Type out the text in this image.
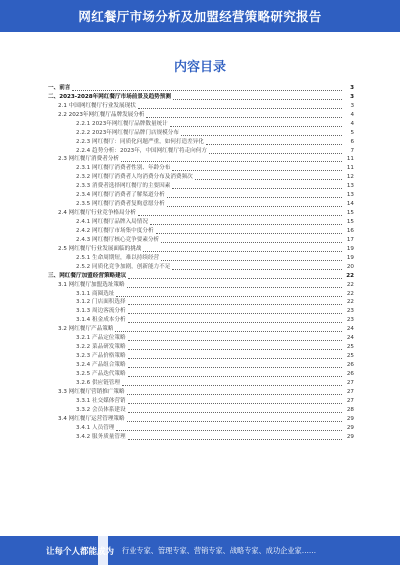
网红餐厅市场分析及加盟经营策略研究报告
内容目录
一、前言	3
二、2023-2028年网红餐厅市场前景及趋势预测	3
2.1 中国网红餐厅行业发展现状	3
2.2 2023年网红餐厅品牌发展分析	4
2.2.1 2023年网红餐厅品牌数量统计	4
2.2.2 2023年网红餐厅品牌门店规模分布	5
2.2.3 网红餐厅：同质化问题严重，如何打造差异化	6
2.2.4 趋势分析：2023年，中国网红餐厅将走向何方	7
2.3 网红餐厅消费者分析	11
2.3.1 网红餐厅消费者性别、年龄分布	11
2.3.2 网红餐厅消费者人均消费分布及消费频次	12
2.3.3 消费者选择网红餐厅的主要因素	13
2.3.4 网红餐厅消费者了解渠道分析	13
2.3.5 网红餐厅消费者复购意愿分析	14
2.4 网红餐厅行业竞争格局分析	15
2.4.1 网红餐厅品牌入局情况	15
2.4.2 网红餐厅市场集中度分析	16
2.4.3 网红餐厅核心竞争要素分析	17
2.5 网红餐厅行业发展面临的挑战	19
2.5.1 生命周期短，难以持续经营	19
2.5.2 同质化竞争加剧，创新能力不足	20
三、网红餐厅加盟经营策略建议	22
3.1 网红餐厅加盟选址策略	22
3.1.1 商圈选址	22
3.1.2 门店面积选择	22
3.1.3 周边客流分析	23
3.1.4 租金成本分析	23
3.2 网红餐厅产品策略	24
3.2.1 产品定位策略	24
3.2.2 菜品研发策略	25
3.2.3 产品价格策略	25
3.2.4 产品组合策略	26
3.2.5 产品迭代策略	26
3.2.6 供应链管理	27
3.3 网红餐厅营销推广策略	27
3.3.1 社交媒体营销	27
3.3.2 会员体系建设	28
3.4 网红餐厅运营管理策略	29
3.4.1 人员管理	29
3.4.2 服务质量管理	29
让每个人都能成为 行业专家、管理专家、营销专家、战略专家、成功企业家……
